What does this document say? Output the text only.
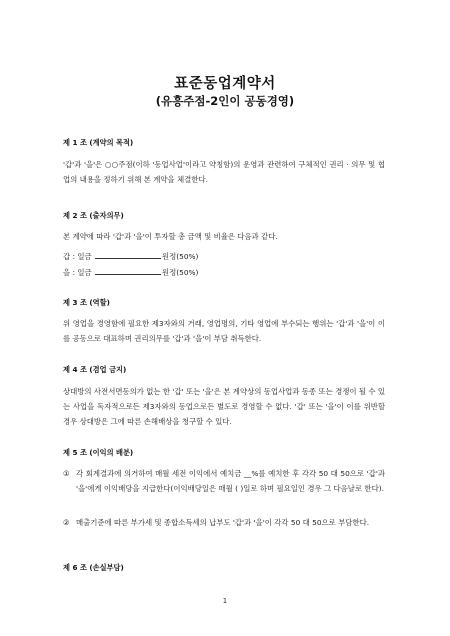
표준동업계약서
(유흥주점-2인이 공동경영)
제 1 조 (계약의 목적)
'갑'과 '을'은 ○○주점(이하 '동업사업'이라고 약칭함)의 운영과 관련하여 구체적인 권리 · 의무 및 협업의 내용을 정하기 위해 본 계약을 체결한다.
제 2 조 (출자의무)
본 계약에 따라 '갑'과 '을'이 투자할 총 금액 및 비율은 다음과 같다.
갑 : 일금	원정(50%)
을 : 일금	원정(50%)
제 3 조 (역할)
위 영업을 경영함에 필요한 제3자와의 거래, 영업명의, 기타 영업에 부수되는 행위는 '갑'과 '을'이 이를 공동으로 대표하며 권리의무를 '갑'과 '을'이 부담 취득한다.
제 4 조 (겸업 금지)
상대방의 사전서면동의가 없는 한 '갑' 또는 '을'은 본 계약상의 동업사업과 동종 또는 경쟁이 될 수 있는 사업을 독자적으로든 제3자와의 동업으로든 별도로 경영할 수 없다. '갑' 또는 '을'이 이를 위반할 경우 상대방은 그에 따른 손해배상을 청구할 수 있다.
제 5 조 (이익의 배분)
① 각 회계결과에 의거하여 매월 세전 이익에서 예치금 __%를 예치한 후 각각 50 대 50으로 '갑'과 '을'에게 이익배당을 지급한다(이익배당일은 매월 ( )일로 하며 필요일인 경우 그 다음날로 한다).
② 매출기준에 따른 부가세 및 종합소득세의 납부도 '갑'과 '을'이 각각 50 대 50으로 부담한다.
제 6 조 (손실부담)
1
